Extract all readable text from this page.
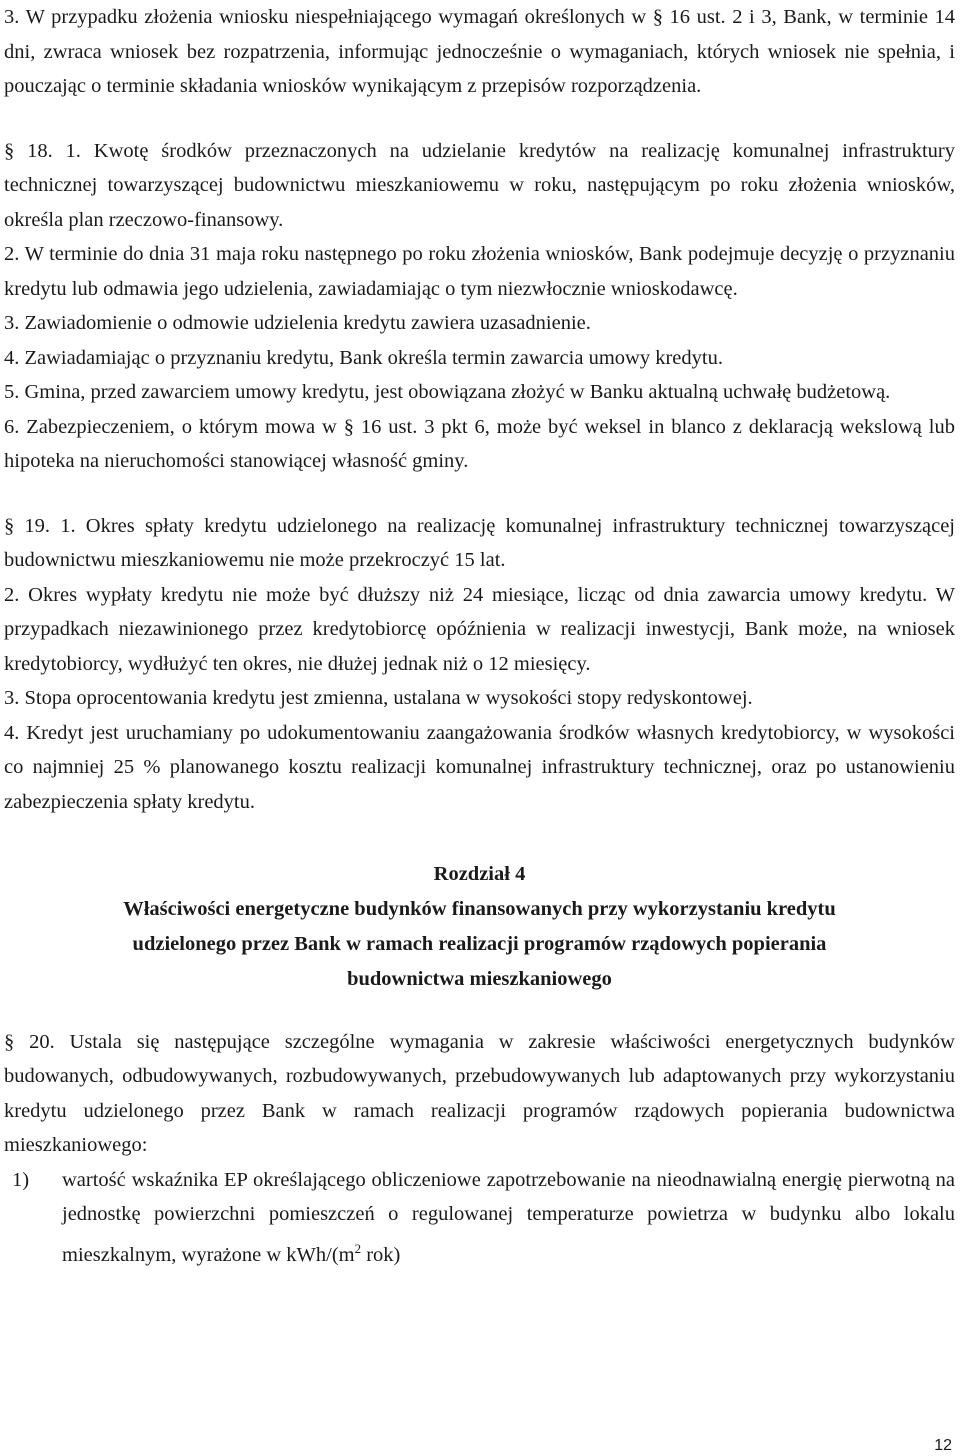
3. W przypadku złożenia wniosku niespełniającego wymagań określonych w § 16 ust. 2 i 3, Bank, w terminie 14 dni, zwraca wniosek bez rozpatrzenia, informując jednocześnie o wymaganiach, których wniosek nie spełnia, i pouczając o terminie składania wniosków wynikającym z przepisów rozporządzenia.

§ 18. 1. Kwotę środków przeznaczonych na udzielanie kredytów na realizację komunalnej infrastruktury technicznej towarzyszącej budownictwu mieszkaniowemu w roku, następującym po roku złożenia wniosków, określa plan rzeczowo-finansowy.

2. W terminie do dnia 31 maja roku następnego po roku złożenia wniosków, Bank podejmuje decyzję o przyznaniu kredytu lub odmawia jego udzielenia, zawiadamiając o tym niezwłocznie wnioskodawcę.

3. Zawiadomienie o odmowie udzielenia kredytu zawiera uzasadnienie.

4. Zawiadamiając o przyznaniu kredytu, Bank określa termin zawarcia umowy kredytu.

5. Gmina, przed zawarciem umowy kredytu, jest obowiązana złożyć w Banku aktualną uchwałę budżetową.

6. Zabezpieczeniem, o którym mowa w § 16 ust. 3 pkt 6, może być weksel in blanco z deklaracją wekslową lub hipoteka na nieruchomości stanowiącej własność gminy.

§ 19. 1. Okres spłaty kredytu udzielonego na realizację komunalnej infrastruktury technicznej towarzyszącej budownictwu mieszkaniowemu nie może przekroczyć 15 lat.

2. Okres wypłaty kredytu nie może być dłuższy niż 24 miesiące, licząc od dnia zawarcia umowy kredytu. W przypadkach niezawinionego przez kredytobiorcę opóźnienia w realizacji inwestycji, Bank może, na wniosek kredytobiorcy, wydłużyć ten okres, nie dłużej jednak niż o 12 miesięcy.

3. Stopa oprocentowania kredytu jest zmienna, ustalana w wysokości stopy redyskontowej.

4. Kredyt jest uruchamiany po udokumentowaniu zaangażowania środków własnych kredytobiorcy, w wysokości co najmniej 25 % planowanego kosztu realizacji komunalnej infrastruktury technicznej, oraz po ustanowieniu zabezpieczenia spłaty kredytu.

Rozdział 4

Właściwości energetyczne budynków finansowanych przy wykorzystaniu kredytu

udzielonego przez Bank w ramach realizacji programów rządowych popierania

budownictwa mieszkaniowego

§ 20. Ustala się następujące szczególne wymagania w zakresie właściwości energetycznych budynków budowanych, odbudowywanych, rozbudowywanych, przebudowywanych lub adaptowanych przy wykorzystaniu kredytu udzielonego przez Bank w ramach realizacji programów rządowych popierania budownictwa mieszkaniowego:

1)	wartość wskaźnika EP określającego obliczeniowe zapotrzebowanie na nieodnawialną energię pierwotną na jednostkę powierzchni pomieszczeń o regulowanej temperaturze powietrza w budynku albo lokalu mieszkalnym, wyrażone w kWh/($m^2$ rok)
12
